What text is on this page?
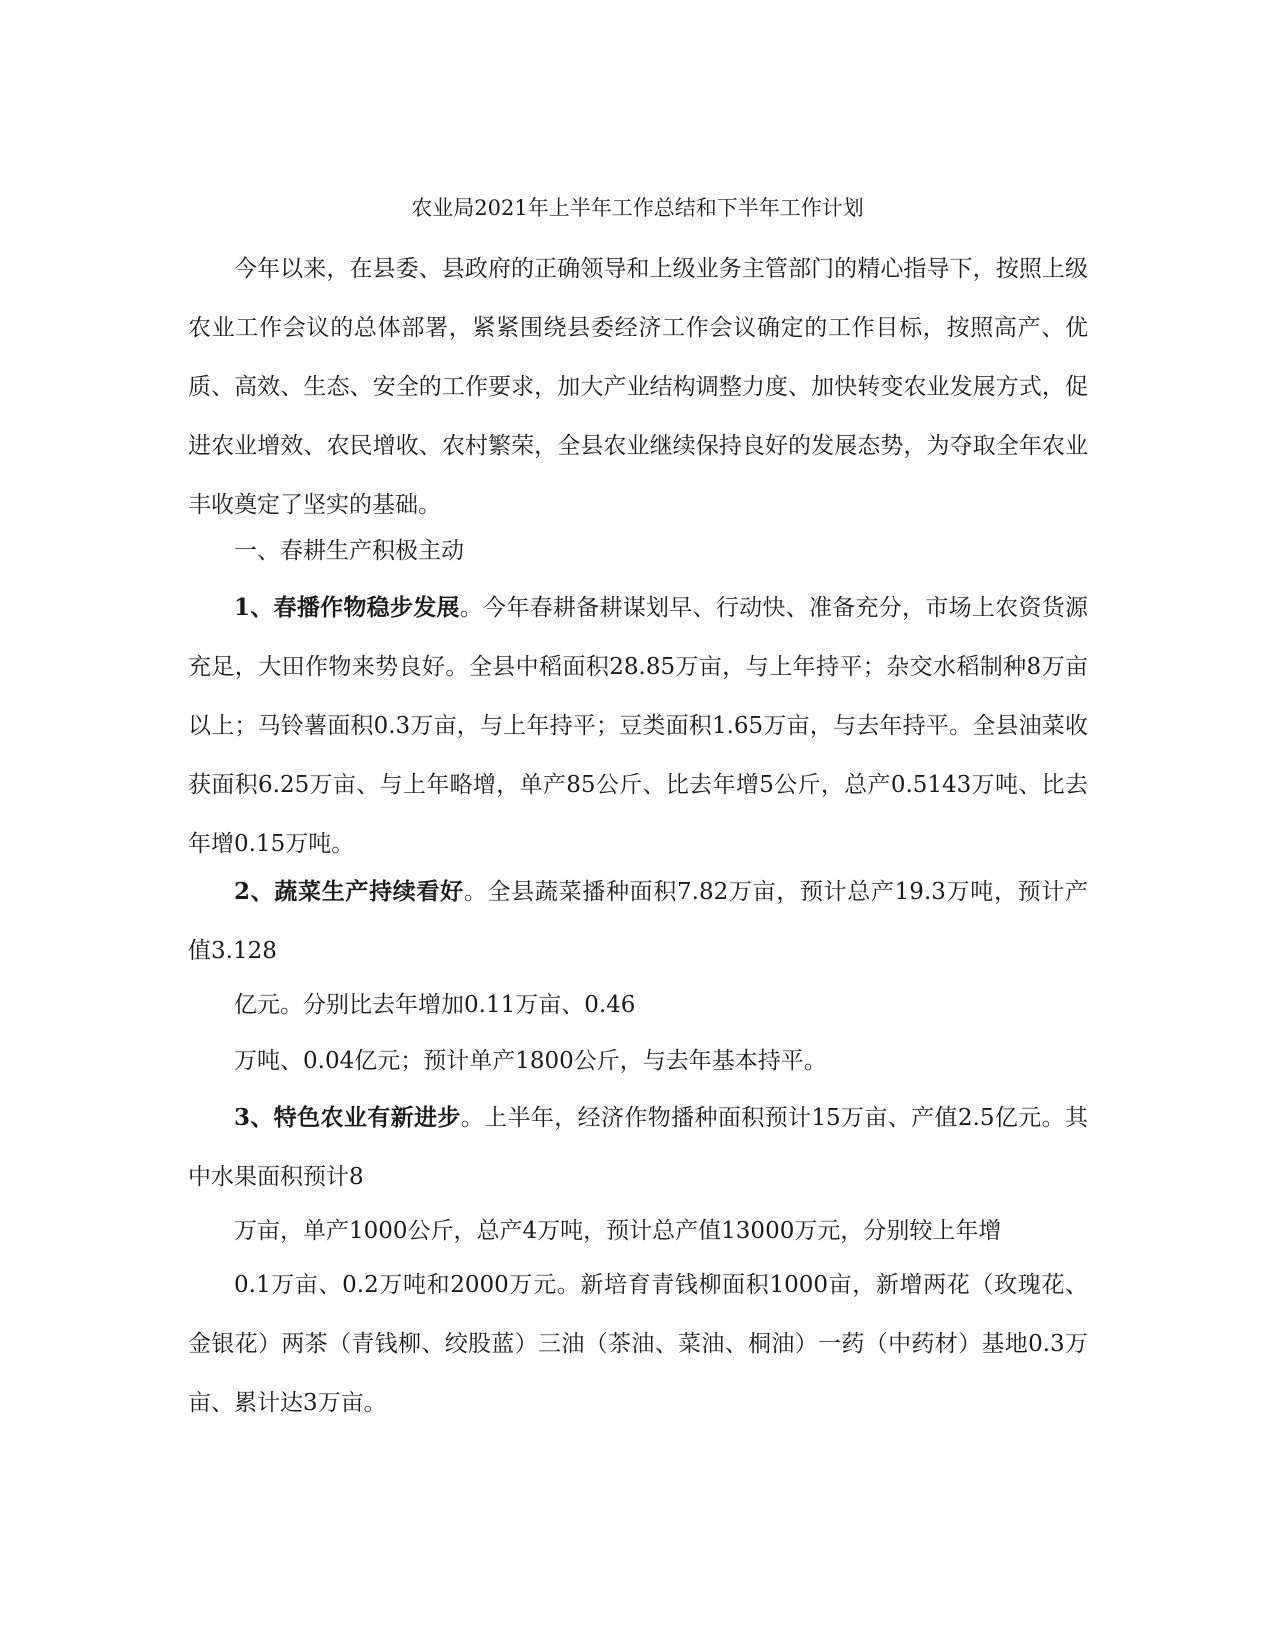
农业局2021年上半年工作总结和下半年工作计划

今年以来，在县委、县政府的正确领导和上级业务主管部门的精心指导下，按照上级农业工作会议的总体部署，紧紧围绕县委经济工作会议确定的工作目标，按照高产、优质、高效、生态、安全的工作要求，加大产业结构调整力度、加快转变农业发展方式，促进农业增效、农民增收、农村繁荣，全县农业继续保持良好的发展态势，为夺取全年农业丰收奠定了坚实的基础。

一、春耕生产积极主动

1、春播作物稳步发展。今年春耕备耕谋划早、行动快、准备充分，市场上农资货源充足，大田作物来势良好。全县中稻面积28.85万亩，与上年持平；杂交水稻制种8万亩以上；马铃薯面积0.3万亩，与上年持平；豆类面积1.65万亩，与去年持平。全县油菜收获面积6.25万亩、与上年略增，单产85公斤、比去年增5公斤，总产0.5143万吨、比去年增0.15万吨。

2、蔬菜生产持续看好。全县蔬菜播种面积7.82万亩，预计总产19.3万吨，预计产值3.128

亿元。分别比去年增加0.11万亩、0.46
万吨、0.04亿元；预计单产1800公斤，与去年基本持平。

3、特色农业有新进步。上半年，经济作物播种面积预计15万亩、产值2.5亿元。其中水果面积预计8

万亩，单产1000公斤，总产4万吨，预计总产值13000万元，分别较上年增

0.1万亩、0.2万吨和2000万元。新培育青钱柳面积1000亩，新增两花（玫瑰花、金银花）两茶（青钱柳、绞股蓝）三油（茶油、菜油、桐油）一药（中药材）基地0.3万亩、累计达3万亩。
